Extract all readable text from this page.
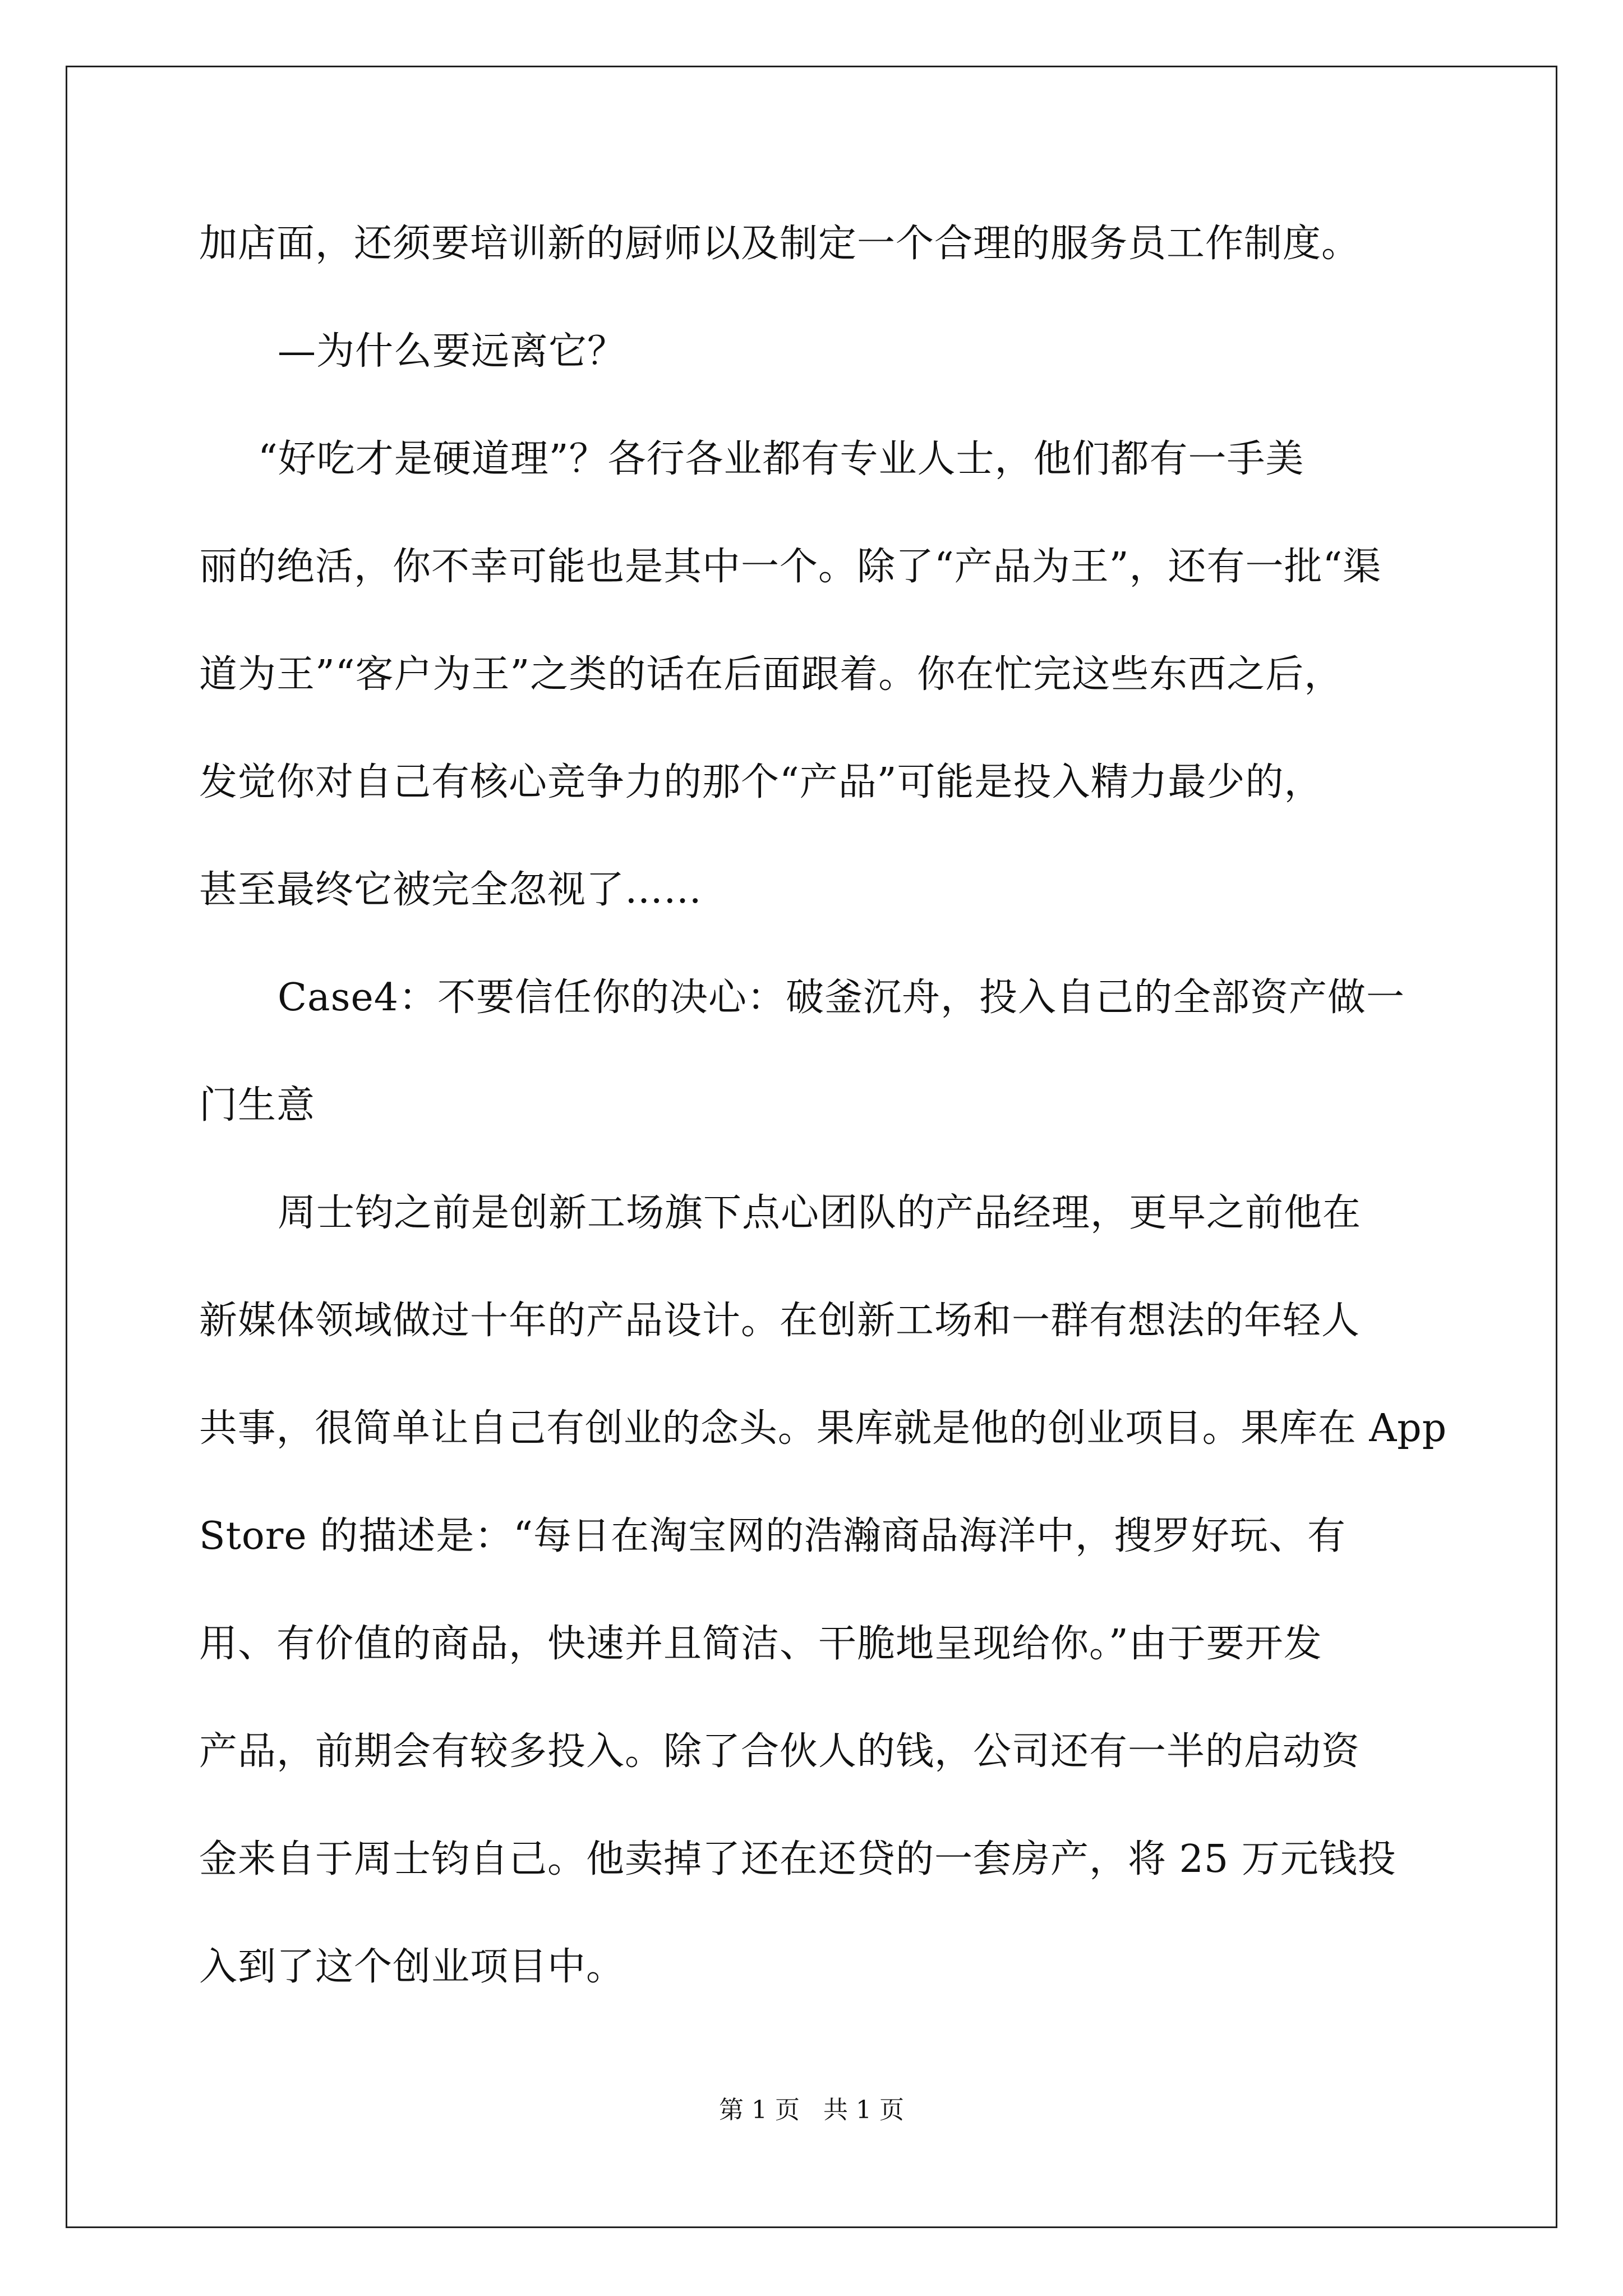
加店面，还须要培训新的厨师以及制定一个合理的服务员工作制度。
—为什么要远离它？
“好吃才是硬道理”？各行各业都有专业人士，他们都有一手美
丽的绝活，你不幸可能也是其中一个。除了“产品为王”，还有一批“渠
道为王”“客户为王”之类的话在后面跟着。你在忙完这些东西之后，
发觉你对自己有核心竞争力的那个“产品”可能是投入精力最少的，
甚至最终它被完全忽视了……
Case4：不要信任你的决心：破釜沉舟，投入自己的全部资产做一
门生意
周士钧之前是创新工场旗下点心团队的产品经理，更早之前他在
新媒体领域做过十年的产品设计。在创新工场和一群有想法的年轻人
共事，很简单让自己有创业的念头。果库就是他的创业项目。果库在 App
Store 的描述是：“每日在淘宝网的浩瀚商品海洋中，搜罗好玩、有
用、有价值的商品，快速并且简洁、干脆地呈现给你。”由于要开发
产品，前期会有较多投入。除了合伙人的钱，公司还有一半的启动资
金来自于周士钧自己。他卖掉了还在还贷的一套房产，将 25 万元钱投
入到了这个创业项目中。
第 1 页 共 1 页
